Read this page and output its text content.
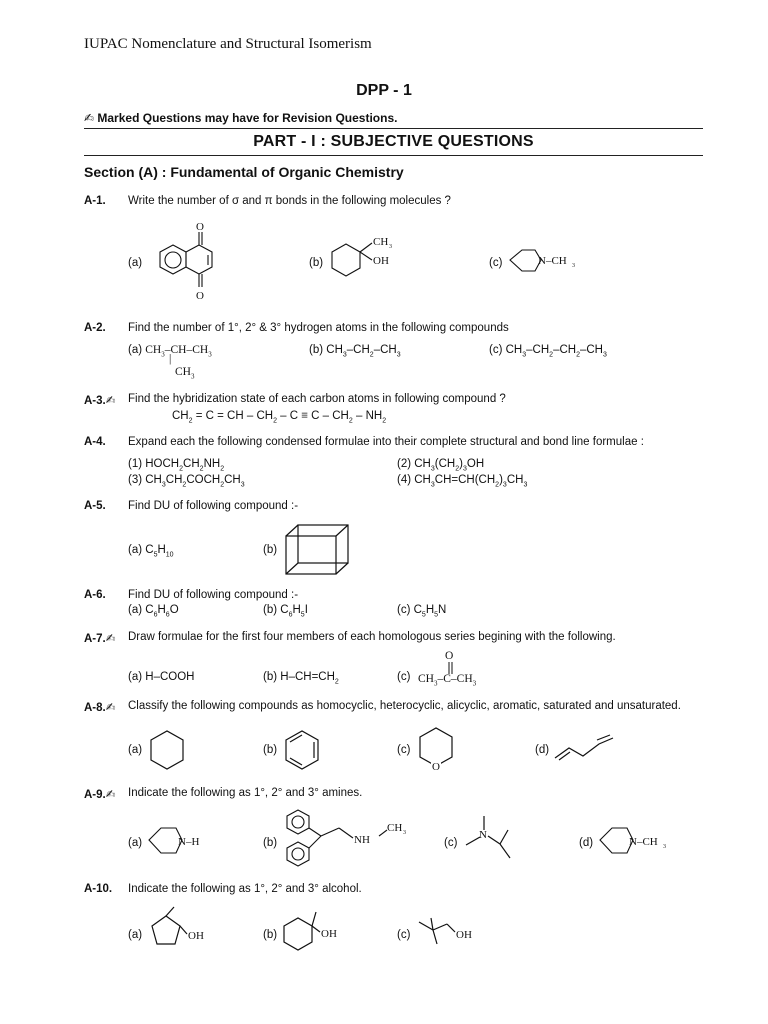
IUPAC Nomenclature and Structural Isomerism
DPP - 1
✍ Marked Questions may have for Revision Questions.
PART - I : SUBJECTIVE QUESTIONS
Section (A) : Fundamental of Organic Chemistry
A-1. Write the number of σ and π bonds in the following molecules ?
(a)
O
O
(b)
CH 3
OH	(c)	N–CH 3
A-2. Find the number of 1°, 2° & 3° hydrogen atoms in the following compounds
(a) $CH_3-CH-CH_3$
|
$CH_3$
(b) $CH_3-CH_2-CH_3$	(c) $CH_3-CH_2-CH_2-CH_3$
A-3.✍ Find the hybridization state of each carbon atoms in following compound ?
$CH_2 = C$ = CH – $CH_2 - C \equiv C - CH_2 - NH_2$
A-4. Expand each the following condensed formulae into their complete structural and bond line formulae :
(1) $HOCH_2CH_2NH_2$	(2) $CH_3(CH_2)_3OH$
(3) $CH_3CH_2COCH_2CH_3$	(4) $CH_3CH=CH(CH_2)_3CH_3$
A-5. Find DU of following compound :-
(a) $C_5H_{10}$	(b)
A-6. Find DU of following compound :-
(a) $C_6H_6O$	(b) $C_6H_5I$	(c) $C_5H_5N$
A-7.✍ Draw formulae for the first four members of each homologous series begining with the following.
(a) H–COOH	(b) $H-CH=CH_2$	(c) $CH_3-C-CH_3$
O
A-8.✍ Classify the following compounds as homocyclic, heterocyclic, alicyclic, aromatic, saturated and unsaturated.
(a)	(b)	(c)
O
(d)
A-9.✍ Indicate the following as 1°, 2° and 3° amines.
(a)	N–H	(b)	NH
CH 3
(c)
N
(d)	N–CH 3
A-10. Indicate the following as 1°, 2° and 3° alcohol.
(a)	OH	(b)	OH	(c)	OH
